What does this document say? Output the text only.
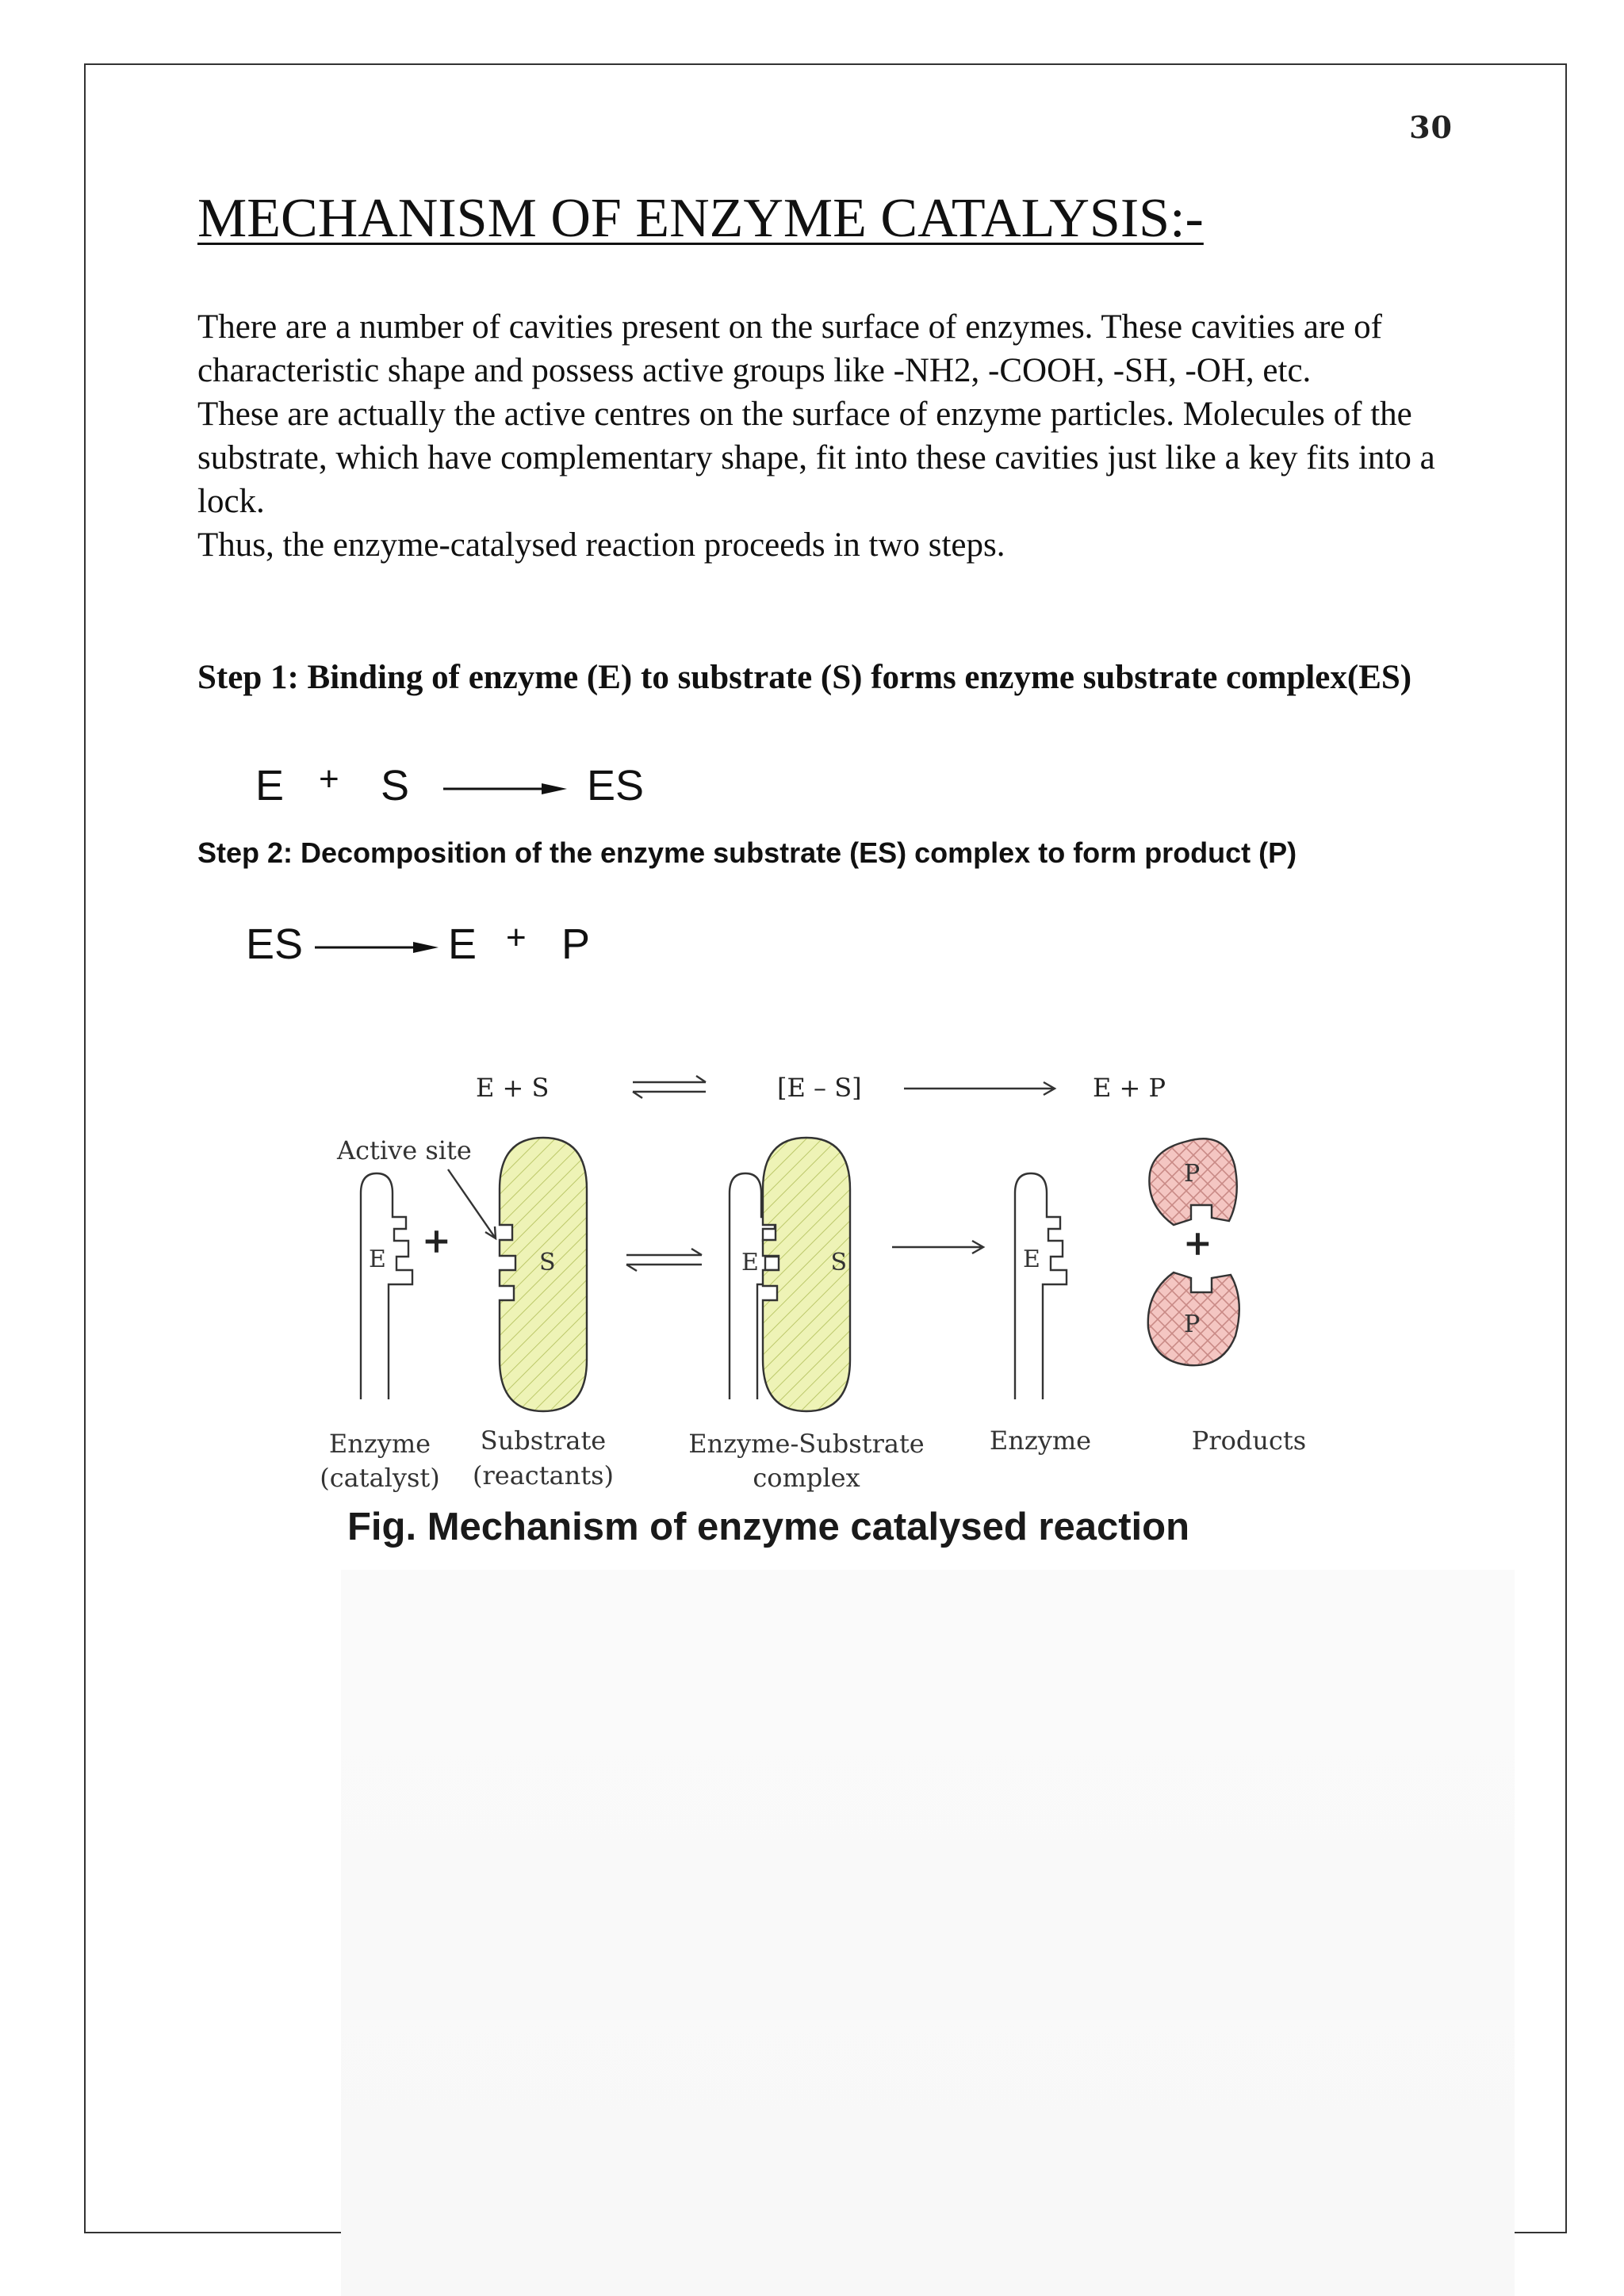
30
MECHANISM OF ENZYME CATALYSIS:-

There are a number of cavities present on the surface of enzymes. These cavities are of characteristic shape and possess active groups like -NH2, -COOH, -SH, -OH, etc.

These are actually the active centres on the surface of enzyme particles. Molecules of the substrate, which have complementary shape, fit into these cavities just like a key fits into a lock.

Thus, the enzyme-catalysed reaction proceeds in two steps.

Step 1: Binding of enzyme (E) to substrate (S) forms enzyme substrate complex(ES)

E + S	ES

Step 2: Decomposition of the enzyme substrate (ES) complex to form product (P)

ES	E + P
E + S	[E – S]	E + P
Active site
E +
S	E	S	E
P
+
P
Enzyme
(catalyst)
Substrate
(reactants)
Enzyme-Substrate
complex
Enzyme	Products

Fig. Mechanism of enzyme catalysed reaction
